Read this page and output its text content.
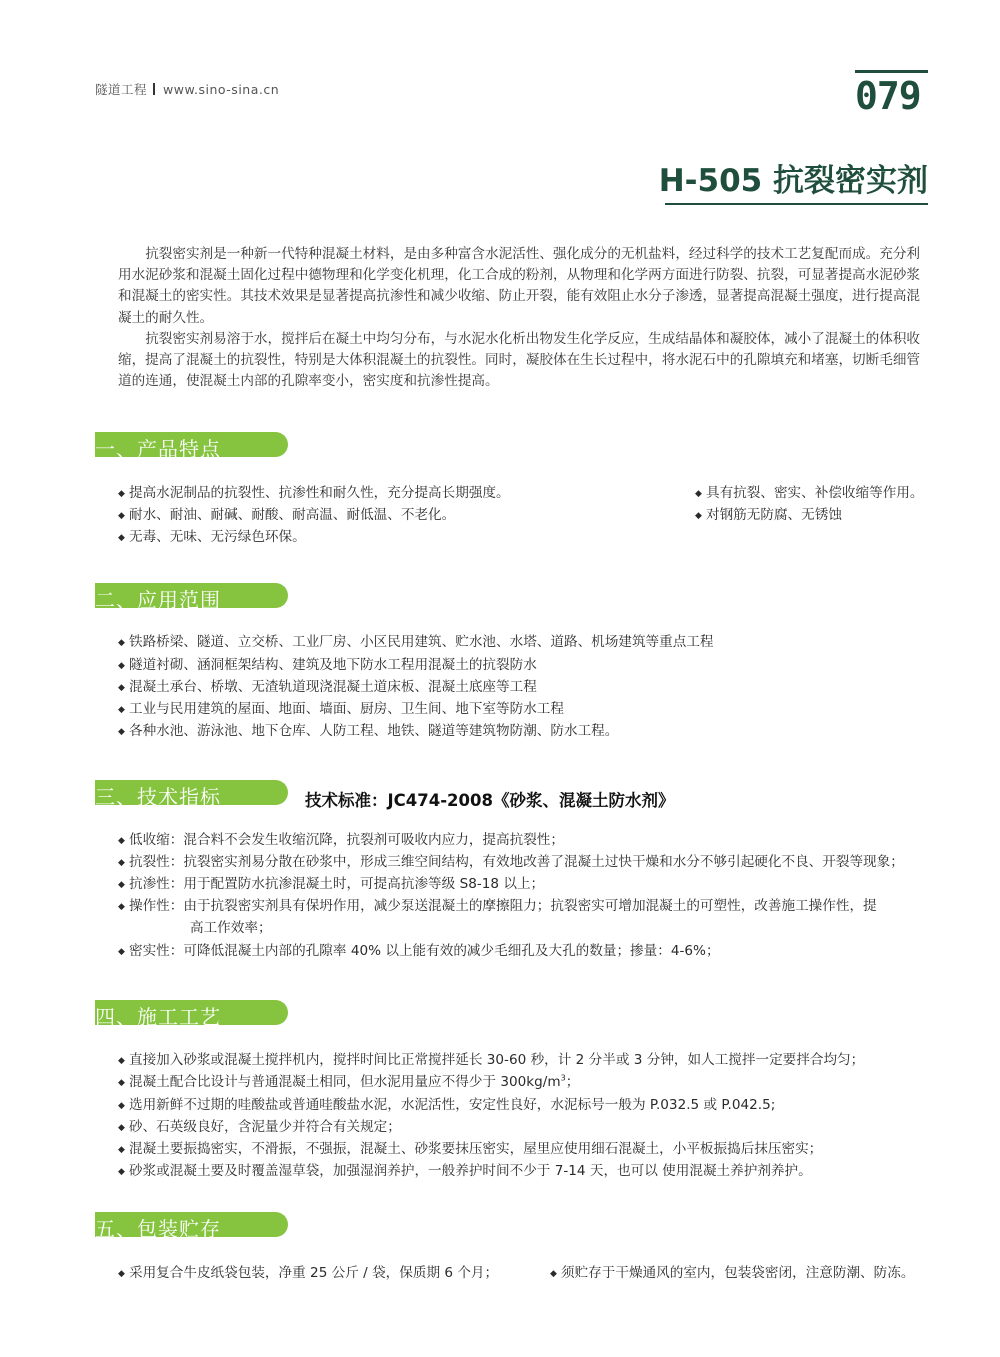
隧道工程 www.sino-sina.cn	079
H-505 抗裂密实剂

抗裂密实剂是一种新一代特种混凝土材料，是由多种富含水泥活性、强化成分的无机盐料，经过科学的技术工艺复配而成。充分利用水泥砂浆和混凝土固化过程中德物理和化学变化机理，化工合成的粉剂，从物理和化学两方面进行防裂、抗裂，可显著提高水泥砂浆和混凝土的密实性。其技术效果是显著提高抗渗性和减少收缩、防止开裂，能有效阻止水分子渗透，显著提高混凝土强度，进行提高混凝土的耐久性。

抗裂密实剂易溶于水，搅拌后在凝土中均匀分布，与水泥水化析出物发生化学反应，生成结晶体和凝胶体，减小了混凝土的体积收缩，提高了混凝土的抗裂性，特别是大体积混凝土的抗裂性。同时，凝胶体在生长过程中，将水泥石中的孔隙填充和堵塞，切断毛细管道的连通，使混凝土内部的孔隙率变小，密实度和抗渗性提高。

一、产品特点
◆ 提高水泥制品的抗裂性、抗渗性和耐久性，充分提高长期强度。
◆ 耐水、耐油、耐碱、耐酸、耐高温、耐低温、不老化。
◆ 无毒、无味、无污绿色环保。
◆ 具有抗裂、密实、补偿收缩等作用。
◆ 对钢筋无防腐、无锈蚀
二、应用范围
◆ 铁路桥梁、隧道、立交桥、工业厂房、小区民用建筑、贮水池、水塔、道路、机场建筑等重点工程
◆ 隧道衬砌、涵洞框架结构、建筑及地下防水工程用混凝土的抗裂防水
◆ 混凝土承台、桥墩、无渣轨道现浇混凝土道床板、混凝土底座等工程
◆ 工业与民用建筑的屋面、地面、墙面、厨房、卫生间、地下室等防水工程
◆ 各种水池、游泳池、地下仓库、人防工程、地铁、隧道等建筑物防潮、防水工程。
三、技术指标	技术标准：JC474-2008《砂浆、混凝土防水剂》
◆ 低收缩：混合料不会发生收缩沉降，抗裂剂可吸收内应力，提高抗裂性；
◆ 抗裂性：抗裂密实剂易分散在砂浆中，形成三维空间结构，有效地改善了混凝土过快干燥和水分不够引起硬化不良、开裂等现象；
◆ 抗渗性：用于配置防水抗渗混凝土时，可提高抗渗等级 S8-18 以上；
◆ 操作性：由于抗裂密实剂具有保坍作用，减少泵送混凝土的摩擦阻力；抗裂密实可增加混凝土的可塑性，改善施工操作性，提
高工作效率；
◆ 密实性：可降低混凝土内部的孔隙率 40% 以上能有效的减少毛细孔及大孔的数量；掺量：4-6%；
四、施工工艺
◆ 直接加入砂浆或混凝土搅拌机内，搅拌时间比正常搅拌延长 30-60 秒，计 2 分半或 3 分钟，如人工搅拌一定要拌合均匀；
◆ 混凝土配合比设计与普通混凝土相同，但水泥用量应不得少于 $300kg/m^3$；
◆ 选用新鲜不过期的哇酸盐或普通哇酸盐水泥，水泥活性，安定性良好，水泥标号一般为 P.032.5 或 P.042.5;
◆ 砂、石英级良好，含泥量少并符合有关规定；
◆ 混凝土要振捣密实，不滑振，不强振，混凝土、砂浆要抹压密实，屋里应使用细石混凝土，小平板振捣后抹压密实；
◆ 砂浆或混凝土要及时覆盖湿草袋，加强湿润养护，一般养护时间不少于 7-14 天，也可以 使用混凝土养护剂养护。
五、包装贮存
◆ 采用复合牛皮纸袋包装，净重 25 公斤 / 袋，保质期 6 个月；	◆ 须贮存于干燥通风的室内，包装袋密闭，注意防潮、防冻。
